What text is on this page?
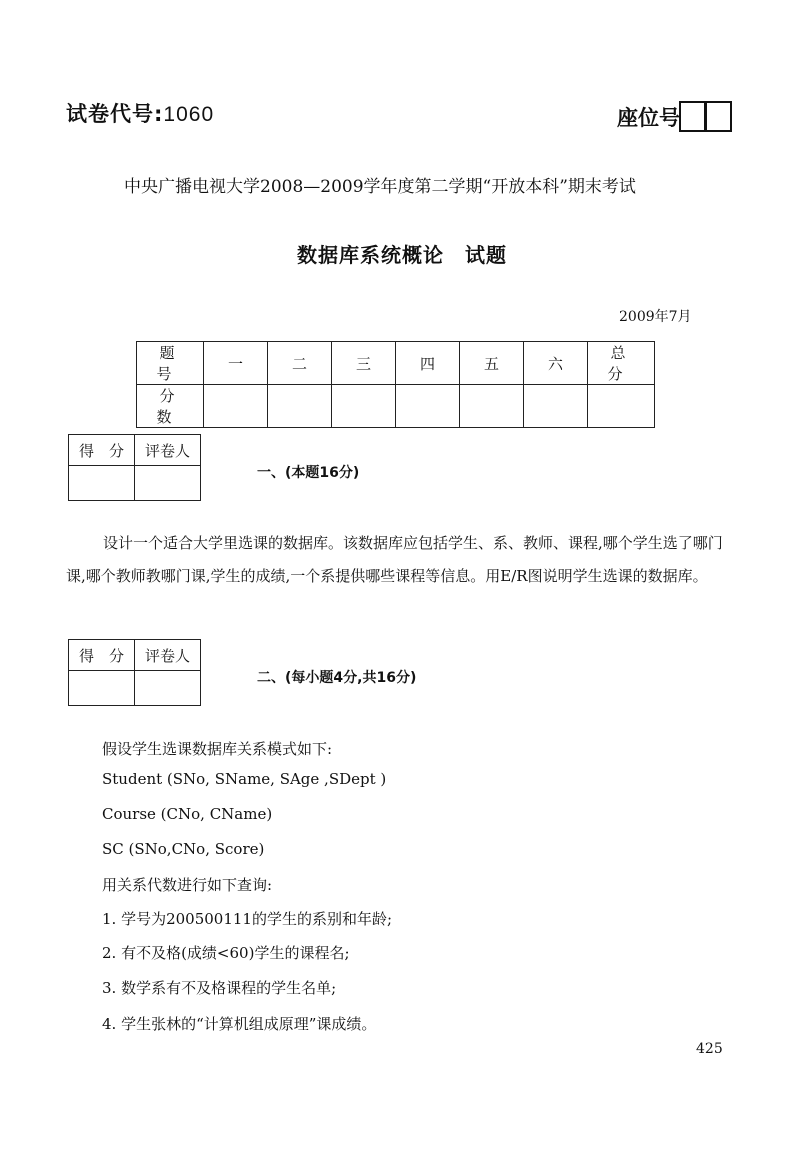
试卷代号:1060	座位号
中央广播电视大学2008—2009学年度第二学期“开放本科”期末考试
数据库系统概论　试题
2009年7月
题　号	一	二	三	四	五	六	总　分
分　数							
得　分	评卷人

一、(本题16分)
设计一个适合大学里选课的数据库。该数据库应包括学生、系、教师、课程,哪个学生选了哪门课,哪个教师教哪门课,学生的成绩,一个系提供哪些课程等信息。用E/R图说明学生选课的数据库。
得　分	评卷人

二、(每小题4分,共16分)
假设学生选课数据库关系模式如下:
Student (SNo, SName, SAge ,SDept )
Course (CNo, CName)
SC (SNo,CNo, Score)
用关系代数进行如下查询:
1. 学号为200500111的学生的系别和年龄;
2. 有不及格(成绩<60)学生的课程名;
3. 数学系有不及格课程的学生名单;
4. 学生张林的“计算机组成原理”课成绩。
425
